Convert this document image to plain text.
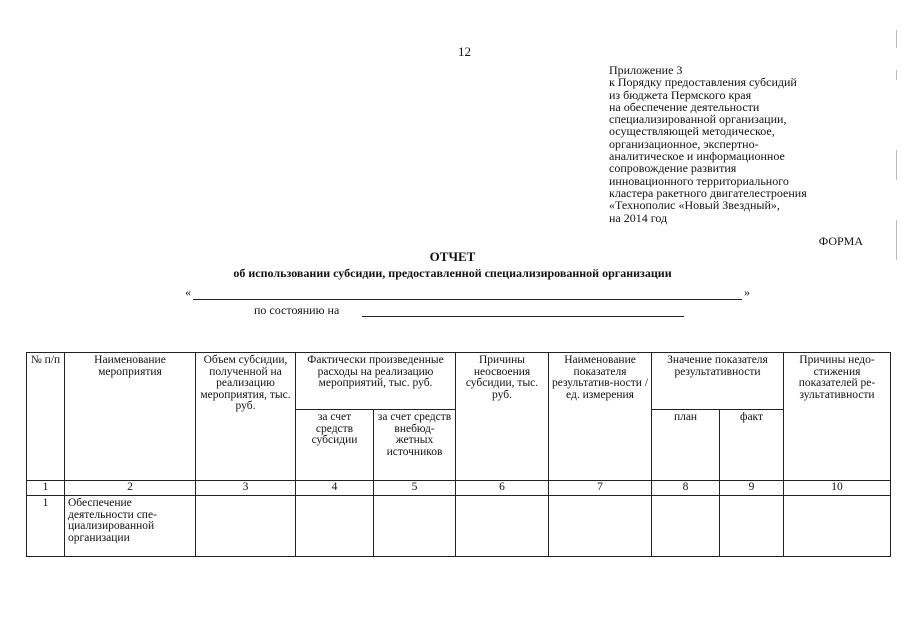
12
Приложение 3
к Порядку предоставления субсидий
из бюджета Пермского края
на обеспечение деятельности
специализированной организации,
осуществляющей методическое,
организационное, экспертно-
аналитическое и информационное
сопровождение развития
инновационного территориального
кластера ракетного двигателестроения
«Технополис «Новый Звездный»,
на 2014 год
ФОРМА
ОТЧЕТ
об использовании субсидии, предоставленной специализированной организации
«	»
по состоянию на
№ п/п	Наименование мероприятия	Объем субсидии, полученной на реализацию мероприятия, тыс. руб.	Фактически произведенные расходы на реализацию мероприятий, тыс. руб.		Причины неосвоения субсидии, тыс. руб.	Наименование показателя результатив-ности / ед. измерения	Значение показателя результативности		Причины недо-стижения показателей ре-зультативности
			за счет средств субсидии	за счет средств внебюд-жетных источников			план	факт	
1	2	3	4	5	6	7	8	9	10
1	Обеспечение деятельности спе-циализированной организации								
